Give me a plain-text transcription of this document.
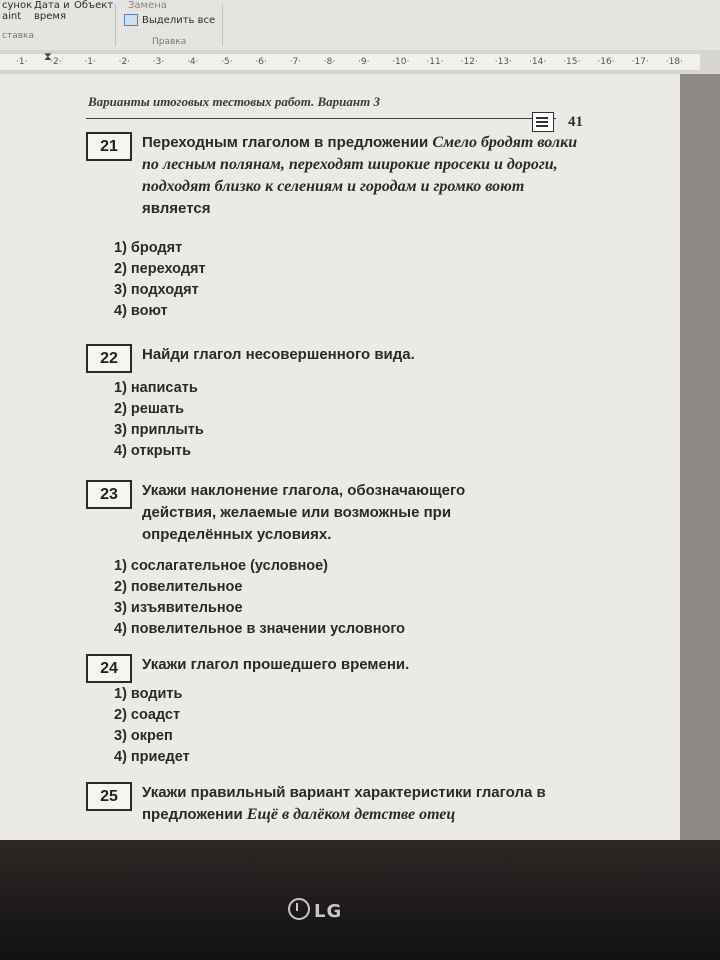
сунок
aint
Дата и
время
Объект
ставка
Замена
Выделить все
Правка
⧗
·1·	·2·	·1·	·2·	·3·	·4·	·5·	·6·	·7·	·8·	·9·	·10· ·11· ·12· ·13· ·14· ·15· ·16· ·17· ·18·
Варианты итоговых тестовых работ. Вариант 3
41
21	Переходным глаголом в предложении Смело бродят волки по лесным полянам, переходят широкие просеки и дороги, подходят близко к селениям и городам и громко воют является
1) бродят
2) переходят
3) подходят
4) воют
22	Найди глагол несовершенного вида.
1) написать
2) решать
3) приплыть
4) открыть
23	Укажи наклонение глагола, обозначающего действия, желаемые или возможные при определённых условиях.
1) сослагательное (условное)
2) повелительное
3) изъявительное
4) повелительное в значении условного
24	Укажи глагол прошедшего времени.
1) водить
2) соадст
3) окреп
4) приедет
25	Укажи правильный вариант характеристики глагола в предложении Ещё в далёком детстве отец
LG
